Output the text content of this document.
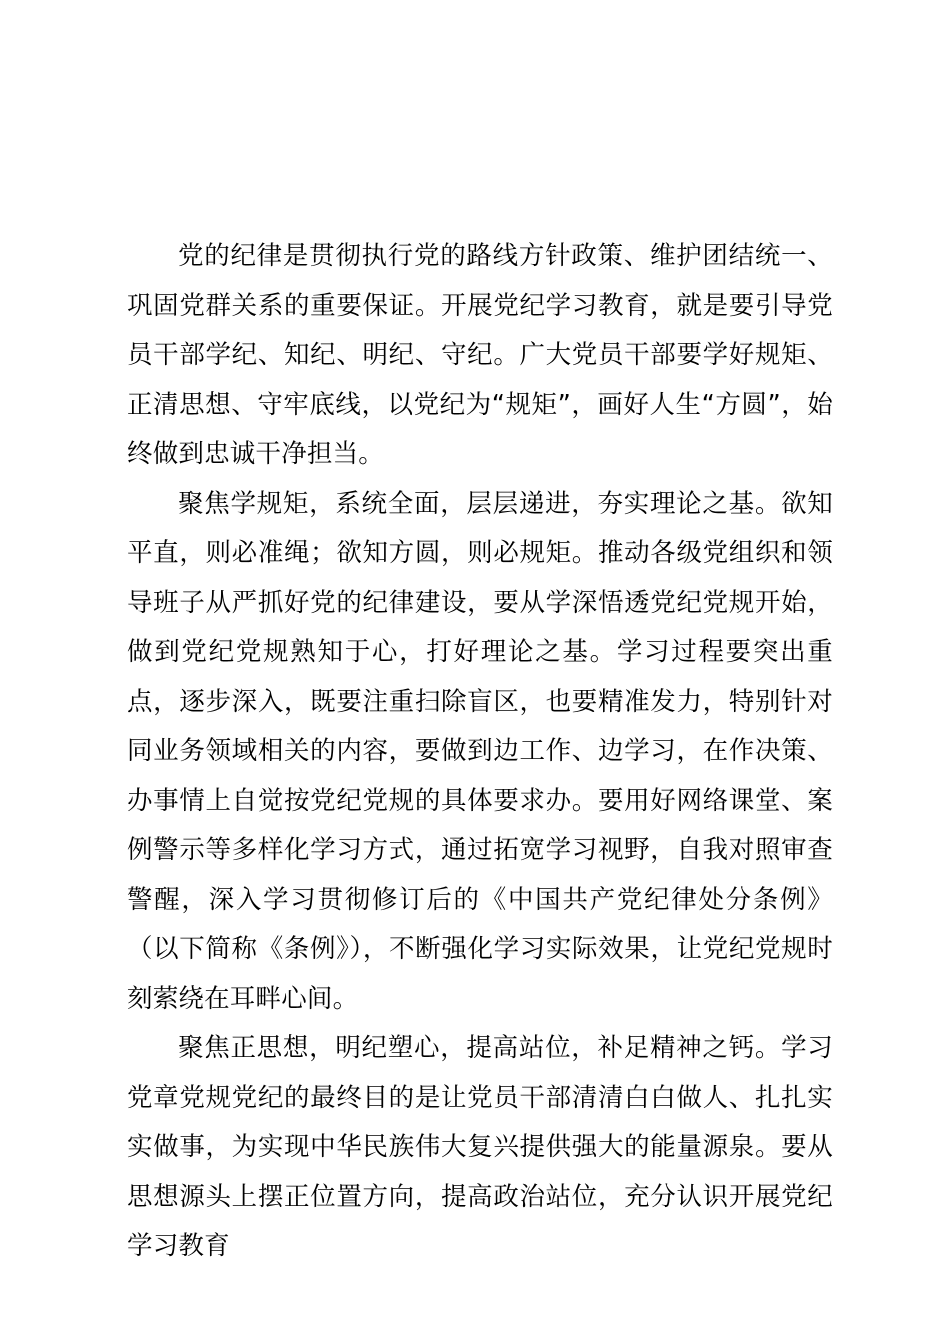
党的纪律是贯彻执行党的路线方针政策、维护团结统一、巩固党群关系的重要保证。开展党纪学习教育，就是要引导党员干部学纪、知纪、明纪、守纪。广大党员干部要学好规矩、正清思想、守牢底线，以党纪为“规矩”，画好人生“方圆”，始终做到忠诚干净担当。

聚焦学规矩，系统全面，层层递进，夯实理论之基。欲知平直，则必准绳；欲知方圆，则必规矩。推动各级党组织和领导班子从严抓好党的纪律建设，要从学深悟透党纪党规开始，做到党纪党规熟知于心，打好理论之基。学习过程要突出重点，逐步深入，既要注重扫除盲区，也要精准发力，特别针对同业务领域相关的内容，要做到边工作、边学习，在作决策、办事情上自觉按党纪党规的具体要求办。要用好网络课堂、案例警示等多样化学习方式，通过拓宽学习视野，自我对照审查警醒，深入学习贯彻修订后的《中国共产党纪律处分条例》（以下简称《条例》），不断强化学习实际效果，让党纪党规时刻萦绕在耳畔心间。

聚焦正思想，明纪塑心，提高站位，补足精神之钙。学习党章党规党纪的最终目的是让党员干部清清白白做人、扎扎实实做事，为实现中华民族伟大复兴提供强大的能量源泉。要从思想源头上摆正位置方向，提高政治站位，充分认识开展党纪学习教育
